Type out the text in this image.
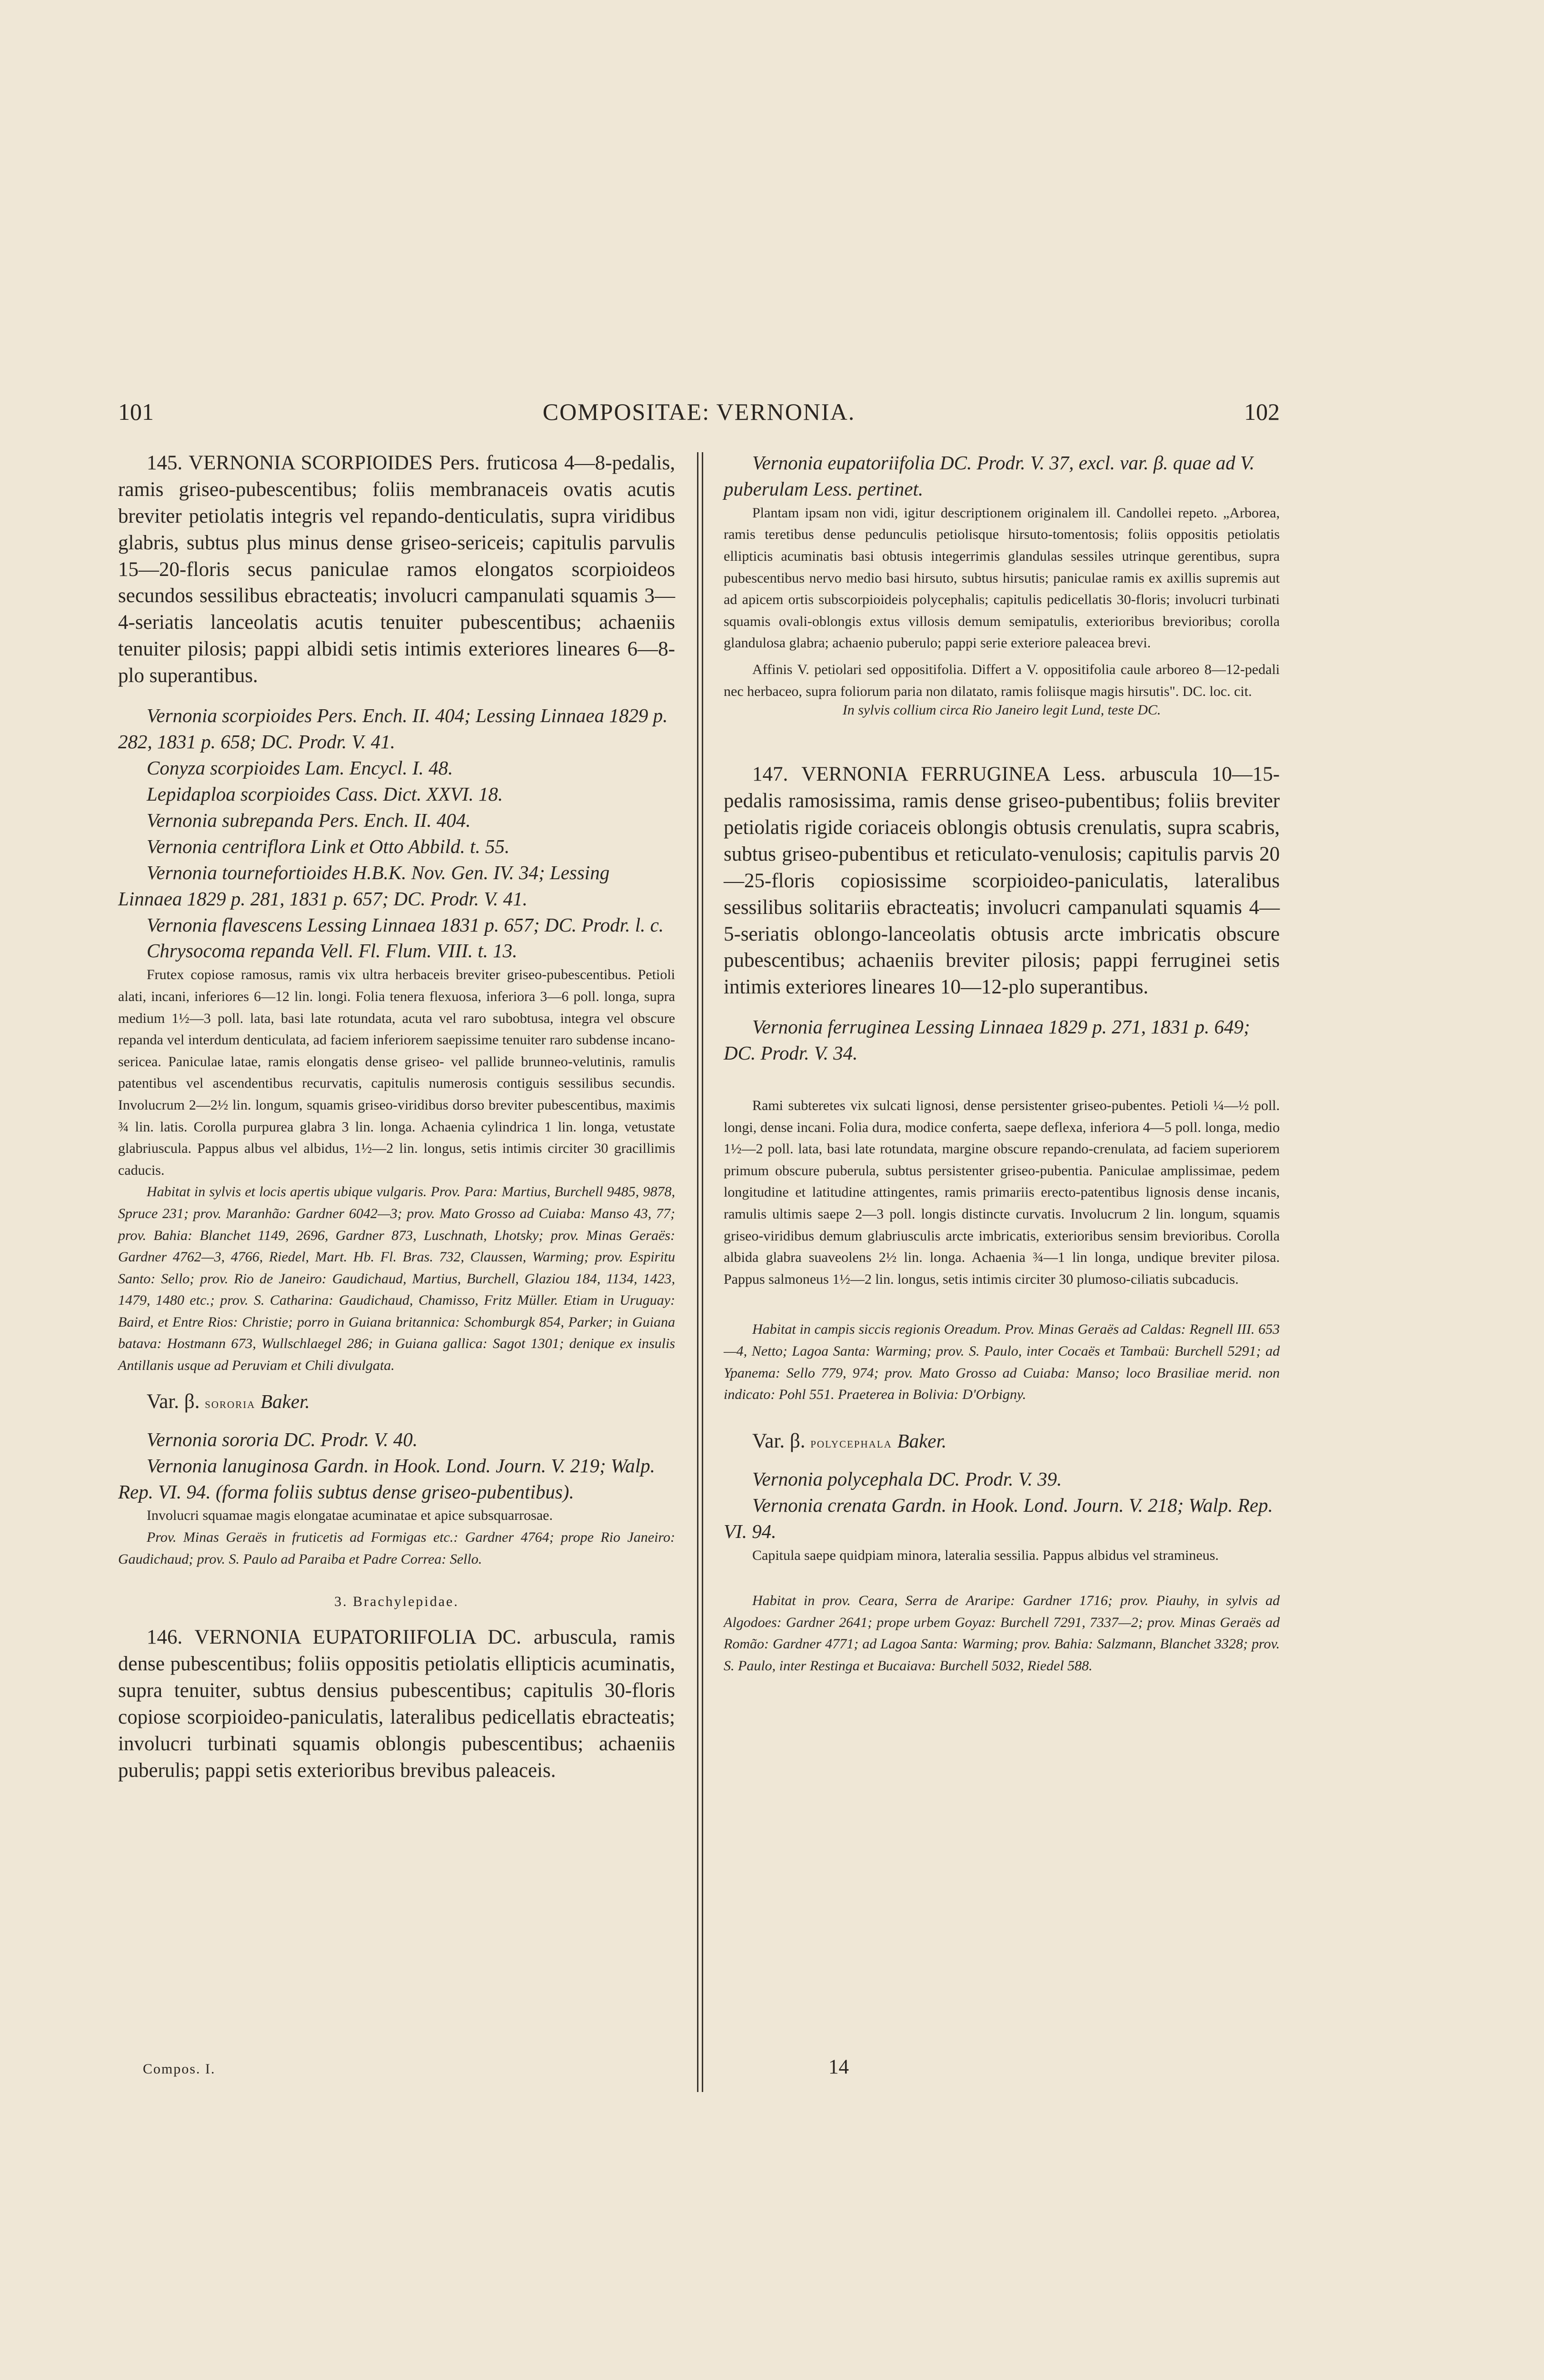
101	COMPOSITAE: VERNONIA.	102

145. VERNONIA SCORPIOIDES Pers. fruticosa 4—8-pedalis, ramis griseo-pubescentibus; foliis membranaceis ovatis acutis breviter petiolatis integris vel repando-denticulatis, supra viridibus glabris, subtus plus minus dense griseo-sericeis; capitulis parvulis 15—20-floris secus paniculae ramos elongatos scorpioideos secundos sessilibus ebracteatis; involucri campanulati squamis 3—4-seriatis lanceolatis acutis tenuiter pubescentibus; achaeniis tenuiter pilosis; pappi albidi setis intimis exteriores lineares 6—8-plo superantibus.

Vernonia scorpioides Pers. Ench. II. 404; Lessing Linnaea 1829 p. 282, 1831 p. 658; DC. Prodr. V. 41.
Conyza scorpioides Lam. Encycl. I. 48.
Lepidaploa scorpioides Cass. Dict. XXVI. 18.
Vernonia subrepanda Pers. Ench. II. 404.
Vernonia centriflora Link et Otto Abbild. t. 55.
Vernonia tournefortioides H.B.K. Nov. Gen. IV. 34; Lessing Linnaea 1829 p. 281, 1831 p. 657; DC. Prodr. V. 41.
Vernonia flavescens Lessing Linnaea 1831 p. 657; DC. Prodr. l. c.
Chrysocoma repanda Vell. Fl. Flum. VIII. t. 13.

Frutex copiose ramosus, ramis vix ultra herbaceis breviter griseo-pubescentibus. Petioli alati, incani, inferiores 6—12 lin. longi. Folia tenera flexuosa, inferiora 3—6 poll. longa, supra medium 1½—3 poll. lata, basi late rotundata, acuta vel raro subobtusa, integra vel obscure repanda vel interdum denticulata, ad faciem inferiorem saepissime tenuiter raro subdense incano-sericea. Paniculae latae, ramis elongatis dense griseo- vel pallide brunneo-velutinis, ramulis patentibus vel ascendentibus recurvatis, capitulis numerosis contiguis sessilibus secundis. Involucrum 2—2½ lin. longum, squamis griseo-viridibus dorso breviter pubescentibus, maximis ¾ lin. latis. Corolla purpurea glabra 3 lin. longa. Achaenia cylindrica 1 lin. longa, vetustate glabriuscula. Pappus albus vel albidus, 1½—2 lin. longus, setis intimis circiter 30 gracillimis caducis.

Habitat in sylvis et locis apertis ubique vulgaris. Prov. Para: Martius, Burchell 9485, 9878, Spruce 231; prov. Maranhão: Gardner 6042—3; prov. Mato Grosso ad Cuiaba: Manso 43, 77; prov. Bahia: Blanchet 1149, 2696, Gardner 873, Luschnath, Lhotsky; prov. Minas Geraës: Gardner 4762—3, 4766, Riedel, Mart. Hb. Fl. Bras. 732, Claussen, Warming; prov. Espiritu Santo: Sello; prov. Rio de Janeiro: Gaudichaud, Martius, Burchell, Glaziou 184, 1134, 1423, 1479, 1480 etc.; prov. S. Catharina: Gaudichaud, Chamisso, Fritz Müller. Etiam in Uruguay: Baird, et Entre Rios: Christie; porro in Guiana britannica: Schomburgk 854, Parker; in Guiana batava: Hostmann 673, Wullschlaegel 286; in Guiana gallica: Sagot 1301; denique ex insulis Antillanis usque ad Peruviam et Chili divulgata.

Var. β. sororia Baker.
Vernonia sororia DC. Prodr. V. 40.
Vernonia lanuginosa Gardn. in Hook. Lond. Journ. V. 219; Walp. Rep. VI. 94. (forma foliis subtus dense griseo-pubentibus).

Involucri squamae magis elongatae acuminatae et apice subsquarrosae.

Prov. Minas Geraës in fruticetis ad Formigas etc.: Gardner 4764; prope Rio Janeiro: Gaudichaud; prov. S. Paulo ad Paraiba et Padre Correa: Sello.

3. Brachylepidae.

146. VERNONIA EUPATORIIFOLIA DC. arbuscula, ramis dense pubescentibus; foliis oppositis petiolatis ellipticis acuminatis, supra tenuiter, subtus densius pubescentibus; capitulis 30-floris copiose scorpioideo-paniculatis, lateralibus pedicellatis ebracteatis; involucri turbinati squamis oblongis pubescentibus; achaeniis puberulis; pappi setis exterioribus brevibus paleaceis.

Vernonia eupatoriifolia DC. Prodr. V. 37, excl. var. β. quae ad V. puberulam Less. pertinet.

Plantam ipsam non vidi, igitur descriptionem originalem ill. Candollei repeto. „Arborea, ramis teretibus dense pedunculis petiolisque hirsuto-tomentosis; foliis oppositis petiolatis ellipticis acuminatis basi obtusis integerrimis glandulas sessiles utrinque gerentibus, supra pubescentibus nervo medio basi hirsuto, subtus hirsutis; paniculae ramis ex axillis supremis aut ad apicem ortis subscorpioideis polycephalis; capitulis pedicellatis 30-floris; involucri turbinati squamis ovali-oblongis extus villosis demum semipatulis, exterioribus brevioribus; corolla glandulosa glabra; achaenio puberulo; pappi serie exteriore paleacea brevi.

Affinis V. petiolari sed oppositifolia. Differt a V. oppositifolia caule arboreo 8—12-pedali nec herbaceo, supra foliorum paria non dilatato, ramis foliisque magis hirsutis". DC. loc. cit.

In sylvis collium circa Rio Janeiro legit Lund, teste DC.

147. VERNONIA FERRUGINEA Less. arbuscula 10—15-pedalis ramosissima, ramis dense griseo-pubentibus; foliis breviter petiolatis rigide coriaceis oblongis obtusis crenulatis, supra scabris, subtus griseo-pubentibus et reticulato-venulosis; capitulis parvis 20—25-floris copiosissime scorpioideo-paniculatis, lateralibus sessilibus solitariis ebracteatis; involucri campanulati squamis 4—5-seriatis oblongo-lanceolatis obtusis arcte imbricatis obscure pubescentibus; achaeniis breviter pilosis; pappi ferruginei setis intimis exteriores lineares 10—12-plo superantibus.

Vernonia ferruginea Lessing Linnaea 1829 p. 271, 1831 p. 649; DC. Prodr. V. 34.

Rami subteretes vix sulcati lignosi, dense persistenter griseo-pubentes. Petioli ¼—½ poll. longi, dense incani. Folia dura, modice conferta, saepe deflexa, inferiora 4—5 poll. longa, medio 1½—2 poll. lata, basi late rotundata, margine obscure repando-crenulata, ad faciem superiorem primum obscure puberula, subtus persistenter griseo-pubentia. Paniculae amplissimae, pedem longitudine et latitudine attingentes, ramis primariis erecto-patentibus lignosis dense incanis, ramulis ultimis saepe 2—3 poll. longis distincte curvatis. Involucrum 2 lin. longum, squamis griseo-viridibus demum glabriusculis arcte imbricatis, exterioribus sensim brevioribus. Corolla albida glabra suaveolens 2½ lin. longa. Achaenia ¾—1 lin longa, undique breviter pilosa. Pappus salmoneus 1½—2 lin. longus, setis intimis circiter 30 plumoso-ciliatis subcaducis.

Habitat in campis siccis regionis Oreadum. Prov. Minas Geraës ad Caldas: Regnell III. 653—4, Netto; Lagoa Santa: Warming; prov. S. Paulo, inter Cocaës et Tambaü: Burchell 5291; ad Ypanema: Sello 779, 974; prov. Mato Grosso ad Cuiaba: Manso; loco Brasiliae merid. non indicato: Pohl 551. Praeterea in Bolivia: D'Orbigny.

Var. β. polycephala Baker.
Vernonia polycephala DC. Prodr. V. 39.
Vernonia crenata Gardn. in Hook. Lond. Journ. V. 218; Walp. Rep. VI. 94.

Capitula saepe quidpiam minora, lateralia sessilia. Pappus albidus vel stramineus.

Habitat in prov. Ceara, Serra de Araripe: Gardner 1716; prov. Piauhy, in sylvis ad Algodoes: Gardner 2641; prope urbem Goyaz: Burchell 7291, 7337—2; prov. Minas Geraës ad Romão: Gardner 4771; ad Lagoa Santa: Warming; prov. Bahia: Salzmann, Blanchet 3328; prov. S. Paulo, inter Restinga et Bucaiava: Burchell 5032, Riedel 588.

Compos. I.	14
